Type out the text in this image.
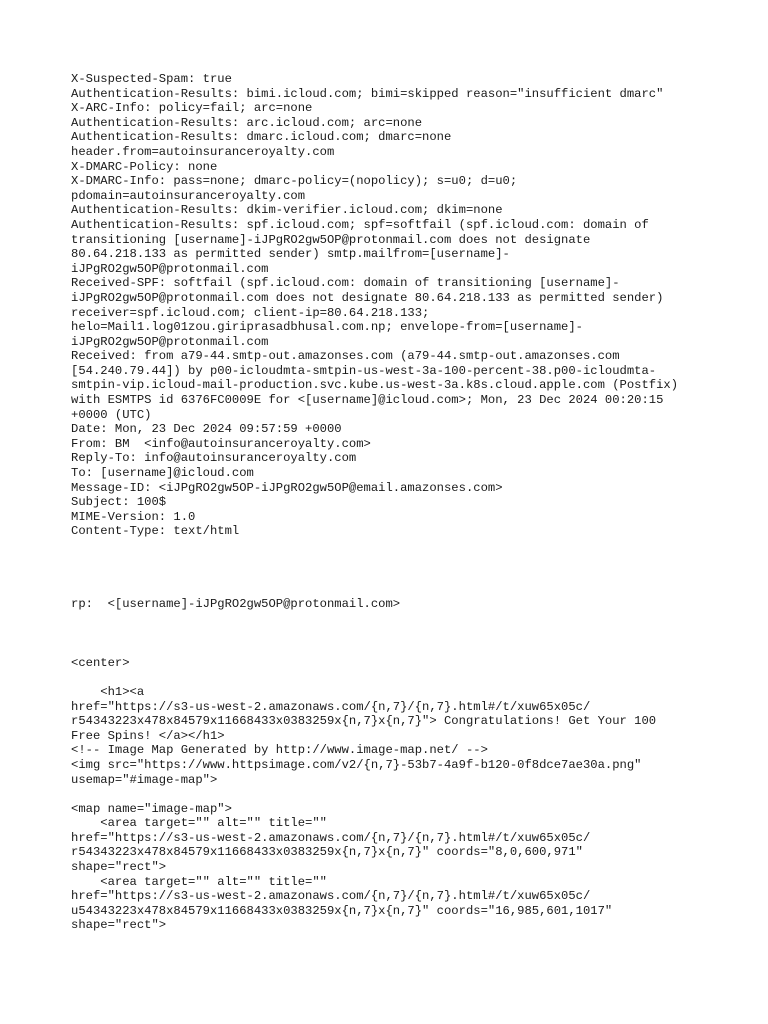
X-Suspected-Spam: true
Authentication-Results: bimi.icloud.com; bimi=skipped reason="insufficient dmarc"
X-ARC-Info: policy=fail; arc=none
Authentication-Results: arc.icloud.com; arc=none
Authentication-Results: dmarc.icloud.com; dmarc=none
header.from=autoinsuranceroyalty.com
X-DMARC-Policy: none
X-DMARC-Info: pass=none; dmarc-policy=(nopolicy); s=u0; d=u0;
pdomain=autoinsuranceroyalty.com
Authentication-Results: dkim-verifier.icloud.com; dkim=none
Authentication-Results: spf.icloud.com; spf=softfail (spf.icloud.com: domain of
transitioning [username]-iJPgRO2gw5OP@protonmail.com does not designate
80.64.218.133 as permitted sender) smtp.mailfrom=[username]-
iJPgRO2gw5OP@protonmail.com
Received-SPF: softfail (spf.icloud.com: domain of transitioning [username]-
iJPgRO2gw5OP@protonmail.com does not designate 80.64.218.133 as permitted sender)
receiver=spf.icloud.com; client-ip=80.64.218.133;
helo=Mail1.log01zou.giriprasadbhusal.com.np; envelope-from=[username]-
iJPgRO2gw5OP@protonmail.com
Received: from a79-44.smtp-out.amazonses.com (a79-44.smtp-out.amazonses.com
[54.240.79.44]) by p00-icloudmta-smtpin-us-west-3a-100-percent-38.p00-icloudmta-
smtpin-vip.icloud-mail-production.svc.kube.us-west-3a.k8s.cloud.apple.com (Postfix)
with ESMTPS id 6376FC0009E for <[username]@icloud.com>; Mon, 23 Dec 2024 00:20:15
+0000 (UTC)
Date: Mon, 23 Dec 2024 09:57:59 +0000
From: BM  <info@autoinsuranceroyalty.com>
Reply-To: info@autoinsuranceroyalty.com
To: [username]@icloud.com
Message-ID: <iJPgRO2gw5OP-iJPgRO2gw5OP@email.amazonses.com>
Subject: 100$
MIME-Version: 1.0
Content-Type: text/html
rp:  <[username]-iJPgRO2gw5OP@protonmail.com>
<center>
<h1><a
href="https://s3-us-west-2.amazonaws.com/{n,7}/{n,7}.html#/t/xuw65x05c/
r54343223x478x84579x11668433x0383259x{n,7}x{n,7}"> Congratulations! Get Your 100
Free Spins! </a></h1>
<!-- Image Map Generated by http://www.image-map.net/ -->
<img src="https://www.httpsimage.com/v2/{n,7}-53b7-4a9f-b120-0f8dce7ae30a.png"
usemap="#image-map">
<map name="image-map">
<area target="" alt="" title=""
href="https://s3-us-west-2.amazonaws.com/{n,7}/{n,7}.html#/t/xuw65x05c/
r54343223x478x84579x11668433x0383259x{n,7}x{n,7}" coords="8,0,600,971"
shape="rect">
<area target="" alt="" title=""
href="https://s3-us-west-2.amazonaws.com/{n,7}/{n,7}.html#/t/xuw65x05c/
u54343223x478x84579x11668433x0383259x{n,7}x{n,7}" coords="16,985,601,1017"
shape="rect">
